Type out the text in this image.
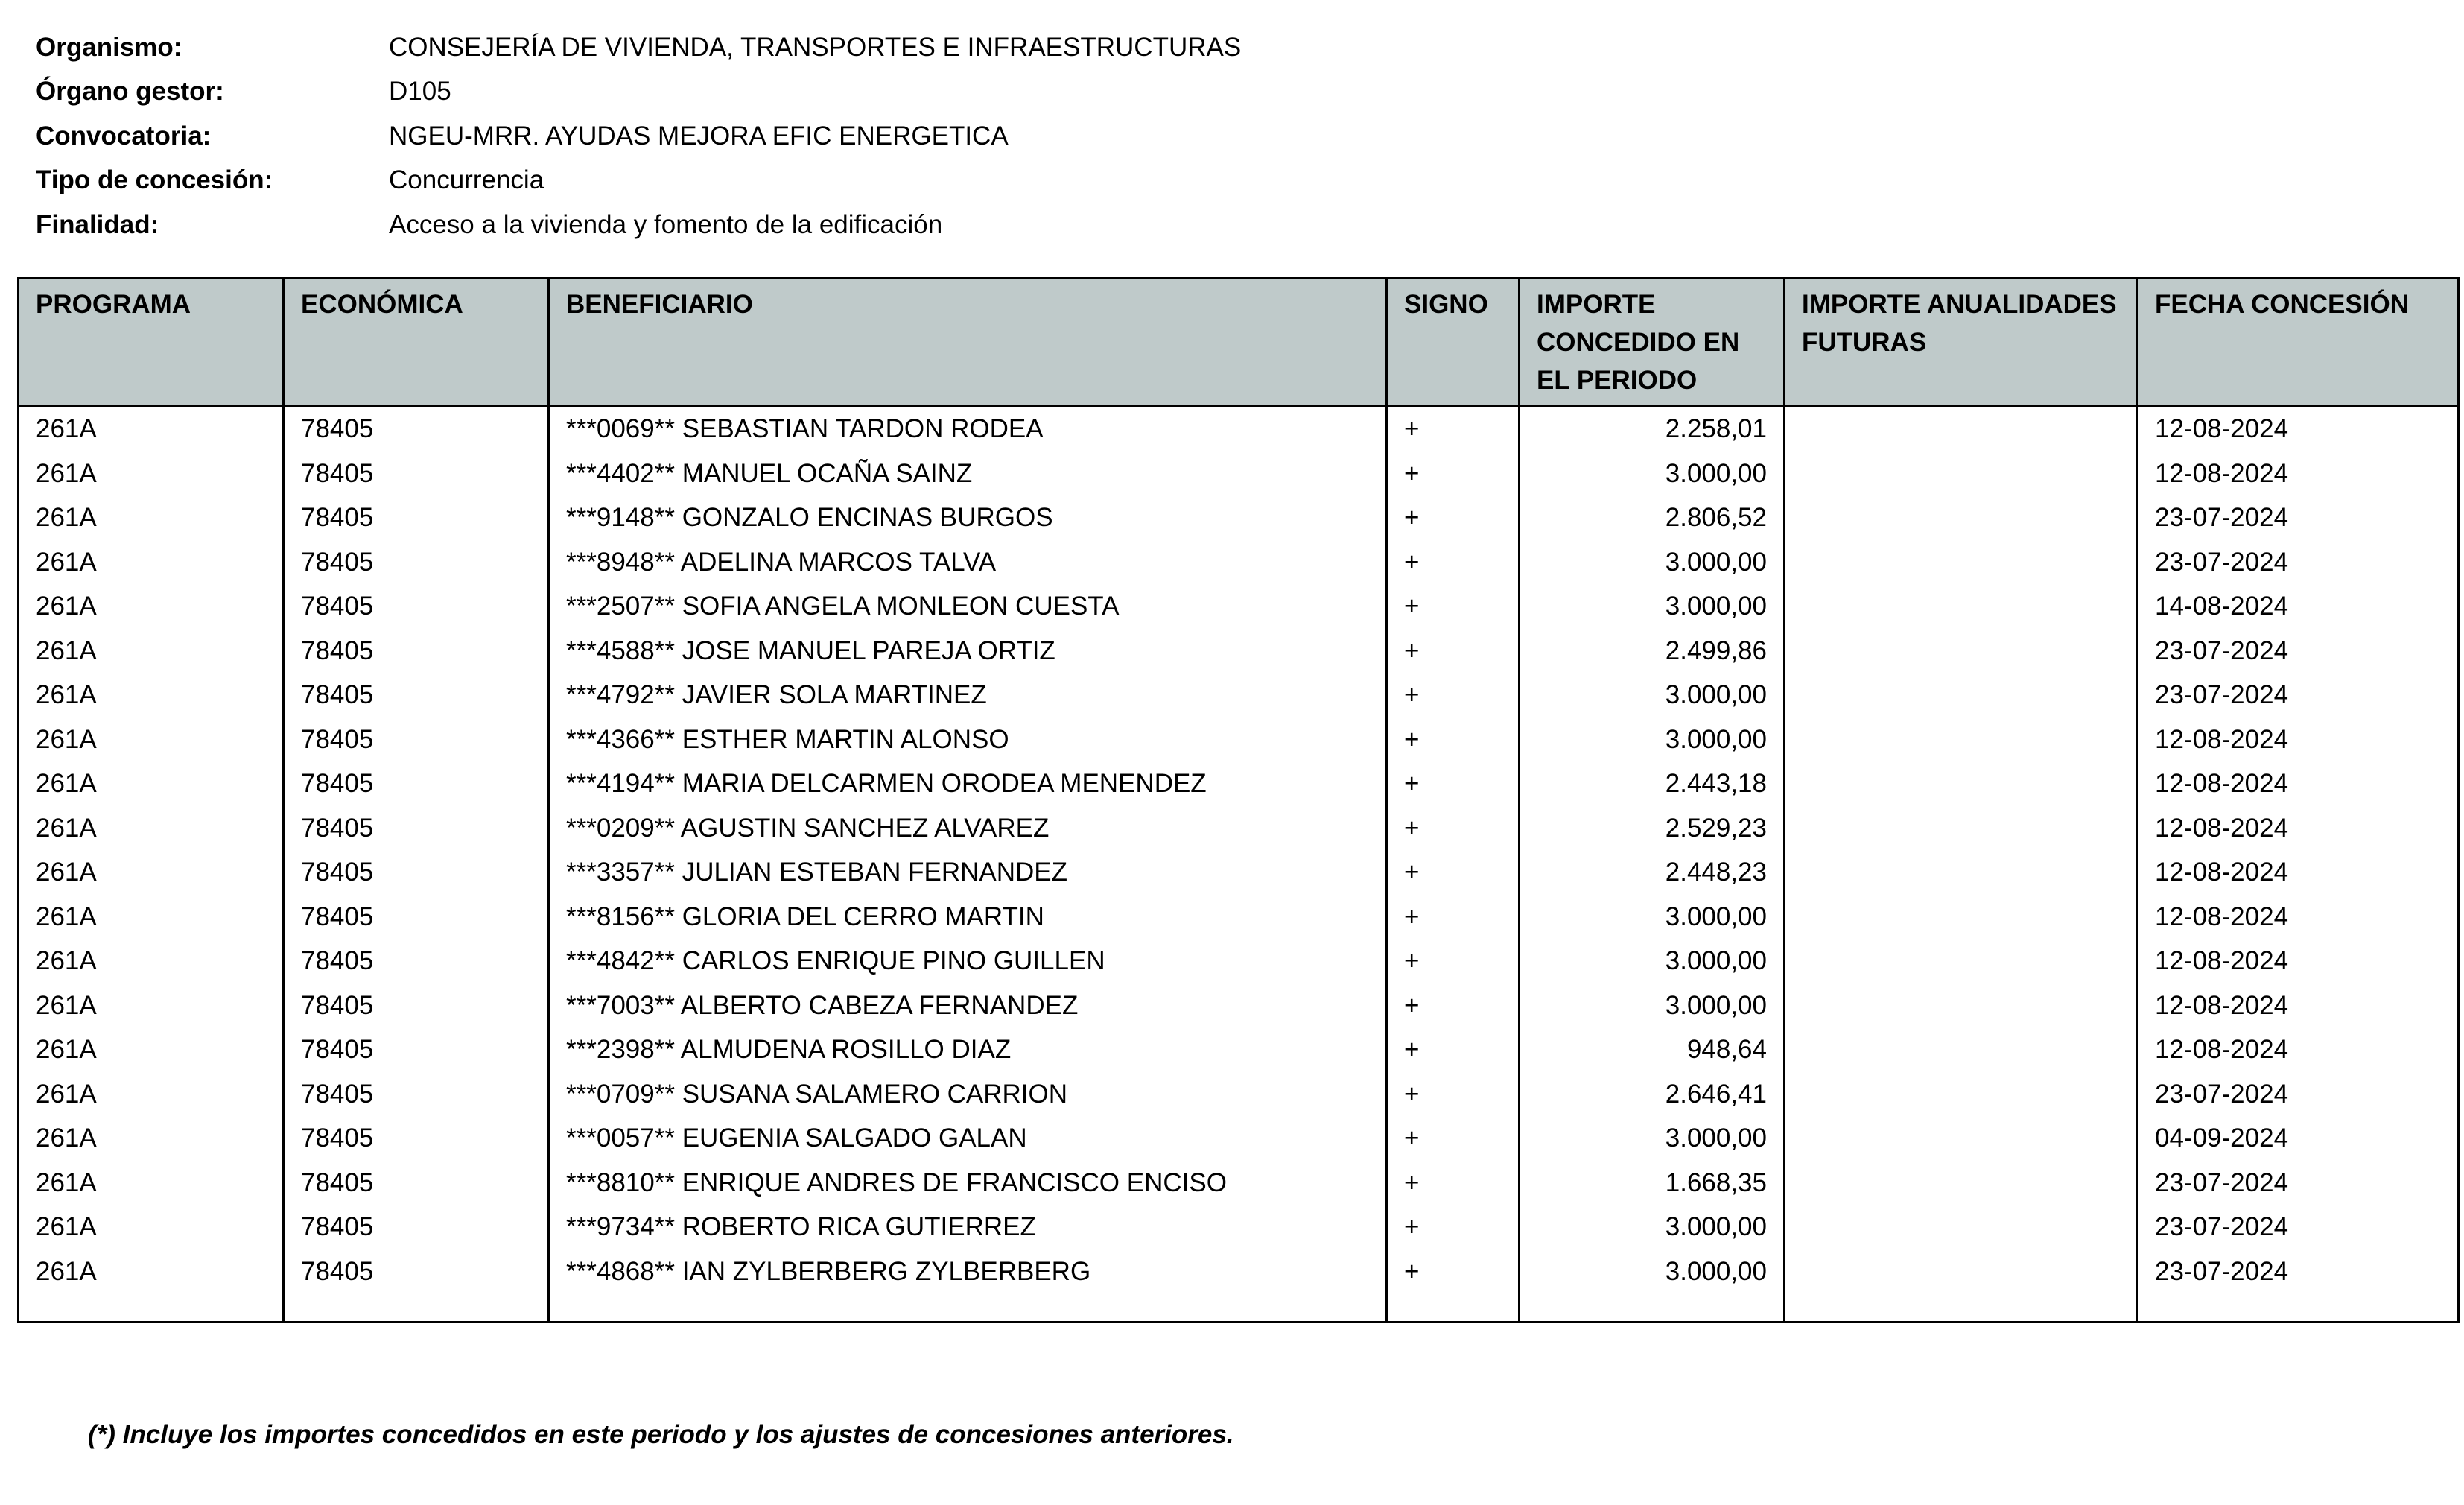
Organismo:	CONSEJERÍA DE VIVIENDA, TRANSPORTES E INFRAESTRUCTURAS
Órgano gestor:	D105
Convocatoria:	NGEU-MRR. AYUDAS MEJORA EFIC ENERGETICA
Tipo de concesión:	Concurrencia
Finalidad:	Acceso a la vivienda y fomento de la edificación
PROGRAMA	ECONÓMICA	BENEFICIARIO	SIGNO	IMPORTE CONCEDIDO EN EL PERIODO	IMPORTE ANUALIDADES FUTURAS	FECHA CONCESIÓN
261A	78405	***0069** SEBASTIAN TARDON RODEA	+	2.258,01		12-08-2024
261A	78405	***4402** MANUEL OCAÑA SAINZ	+	3.000,00		12-08-2024
261A	78405	***9148** GONZALO ENCINAS BURGOS	+	2.806,52		23-07-2024
261A	78405	***8948** ADELINA MARCOS TALVA	+	3.000,00		23-07-2024
261A	78405	***2507** SOFIA ANGELA MONLEON CUESTA	+	3.000,00		14-08-2024
261A	78405	***4588** JOSE MANUEL PAREJA ORTIZ	+	2.499,86		23-07-2024
261A	78405	***4792** JAVIER SOLA MARTINEZ	+	3.000,00		23-07-2024
261A	78405	***4366** ESTHER MARTIN ALONSO	+	3.000,00		12-08-2024
261A	78405	***4194** MARIA DELCARMEN ORODEA MENENDEZ	+	2.443,18		12-08-2024
261A	78405	***0209** AGUSTIN SANCHEZ ALVAREZ	+	2.529,23		12-08-2024
261A	78405	***3357** JULIAN ESTEBAN FERNANDEZ	+	2.448,23		12-08-2024
261A	78405	***8156** GLORIA DEL CERRO MARTIN	+	3.000,00		12-08-2024
261A	78405	***4842** CARLOS ENRIQUE PINO GUILLEN	+	3.000,00		12-08-2024
261A	78405	***7003** ALBERTO CABEZA FERNANDEZ	+	3.000,00		12-08-2024
261A	78405	***2398** ALMUDENA ROSILLO DIAZ	+	948,64		12-08-2024
261A	78405	***0709** SUSANA SALAMERO CARRION	+	2.646,41		23-07-2024
261A	78405	***0057** EUGENIA SALGADO GALAN	+	3.000,00		04-09-2024
261A	78405	***8810** ENRIQUE ANDRES DE FRANCISCO ENCISO	+	1.668,35		23-07-2024
261A	78405	***9734** ROBERTO RICA GUTIERREZ	+	3.000,00		23-07-2024
261A	78405	***4868** IAN ZYLBERBERG ZYLBERBERG	+	3.000,00		23-07-2024

(*) Incluye los importes concedidos en este periodo y los ajustes de concesiones anteriores.
